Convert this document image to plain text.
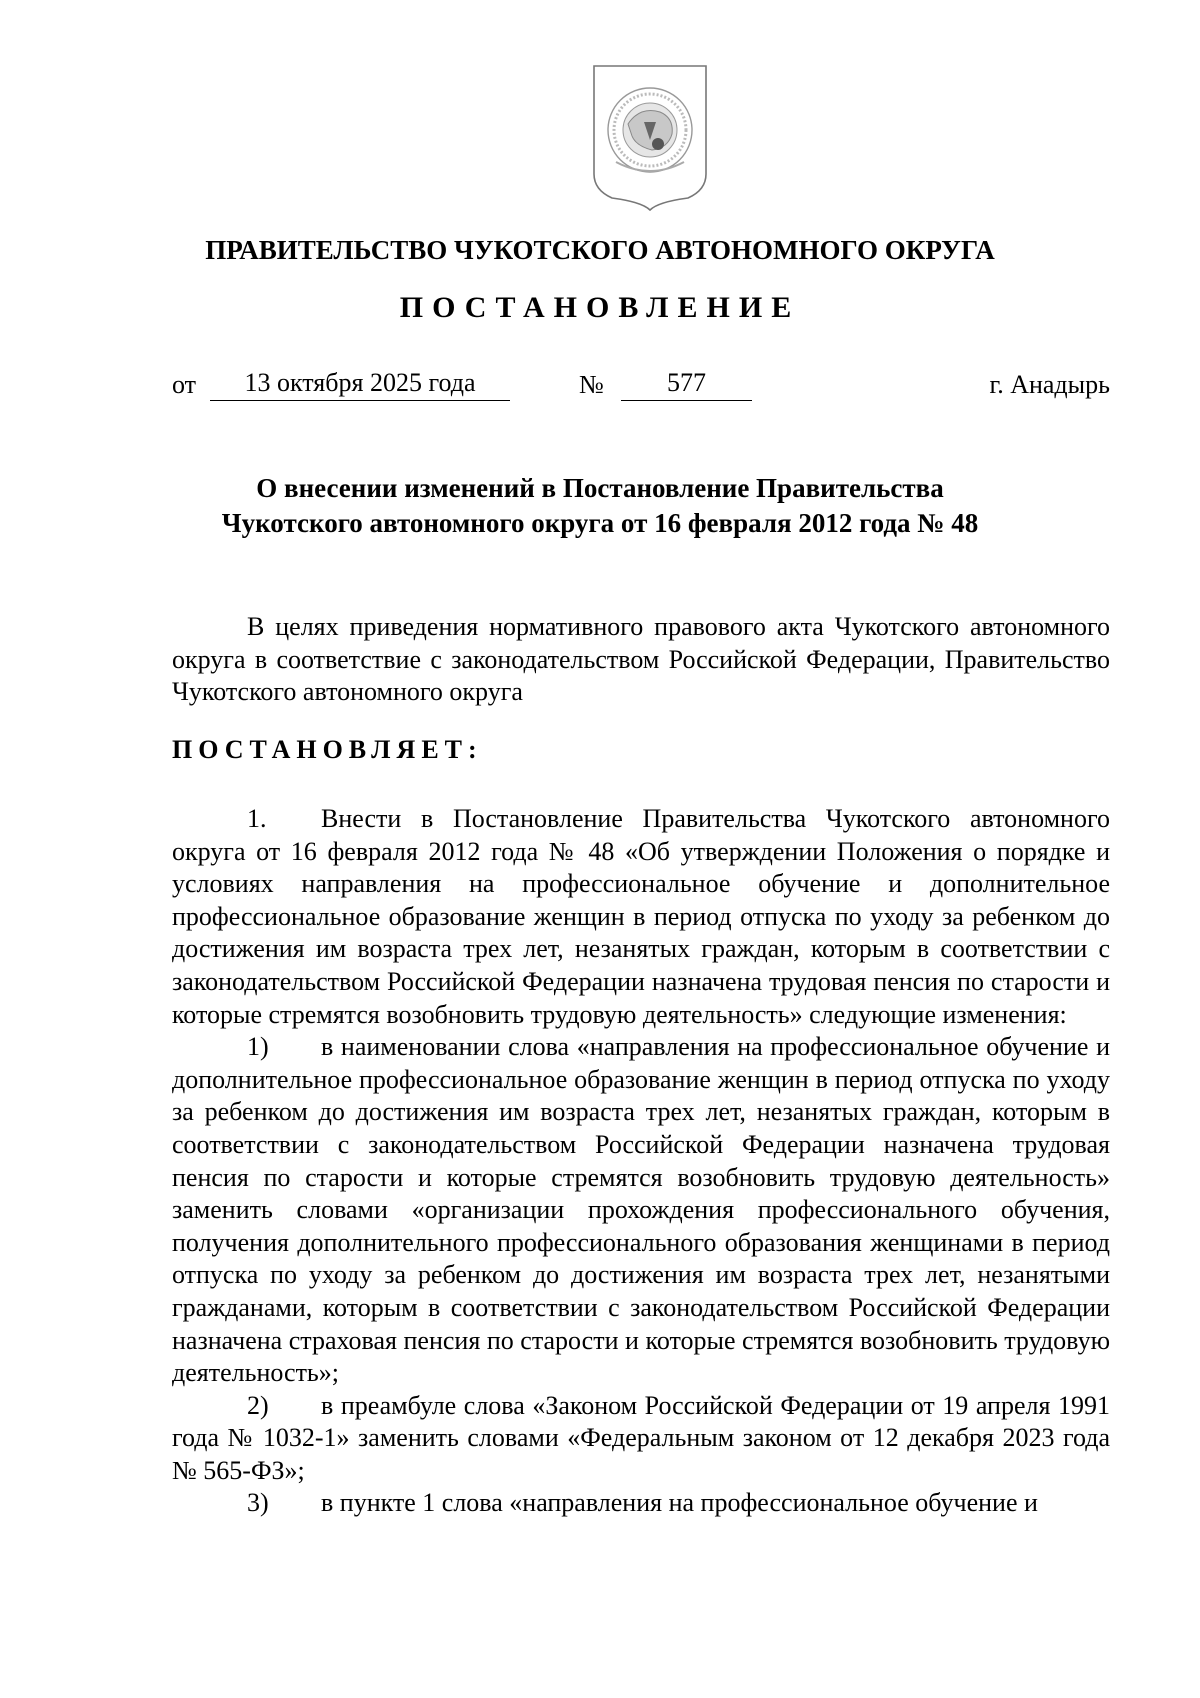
ПРАВИТЕЛЬСТВО ЧУКОТСКОГО АВТОНОМНОГО ОКРУГА
ПОСТАНОВЛЕНИЕ
от	13 октября 2025 года	№	577	г. Анадырь
О внесении изменений в Постановление Правительства
Чукотского автономного округа от 16 февраля 2012 года № 48

В целях приведения нормативного правового акта Чукотского автономного округа в соответствие с законодательством Российской Федерации, Правительство Чукотского автономного округа

ПОСТАНОВЛЯЕТ:

1. Внести в Постановление Правительства Чукотского автономного округа от 16 февраля 2012 года № 48 «Об утверждении Положения о порядке и условиях направления на профессиональное обучение и дополнительное профессиональное образование женщин в период отпуска по уходу за ребенком до достижения им возраста трех лет, незанятых граждан, которым в соответствии с законодательством Российской Федерации назначена трудовая пенсия по старости и которые стремятся возобновить трудовую деятельность» следующие изменения:

1) в наименовании слова «направления на профессиональное обучение и дополнительное профессиональное образование женщин в период отпуска по уходу за ребенком до достижения им возраста трех лет, незанятых граждан, которым в соответствии с законодательством Российской Федерации назначена трудовая пенсия по старости и которые стремятся возобновить трудовую деятельность» заменить словами «организации прохождения профессионального обучения, получения дополнительного профессионального образования женщинами в период отпуска по уходу за ребенком до достижения им возраста трех лет, незанятыми гражданами, которым в соответствии с законодательством Российской Федерации назначена страховая пенсия по старости и которые стремятся возобновить трудовую деятельность»;

2) в преамбуле слова «Законом Российской Федерации от 19 апреля 1991 года № 1032-1» заменить словами «Федеральным законом от 12 декабря 2023 года № 565-ФЗ»;

3) в пункте 1 слова «направления на профессиональное обучение и
